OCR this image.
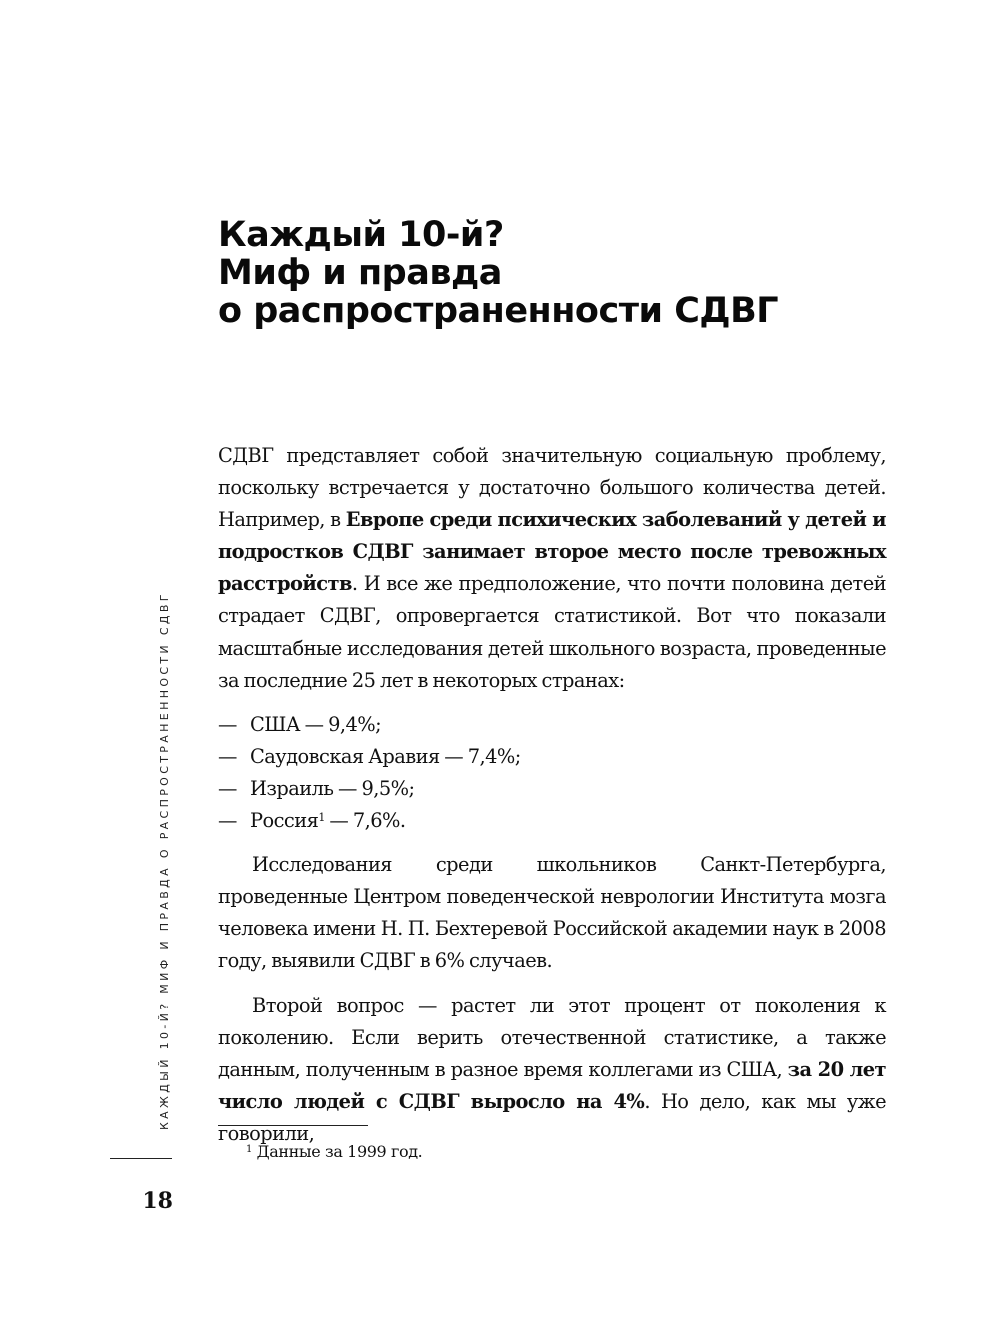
Каждый 10-й?
Миф и правда
о распространенности СДВГ

СДВГ представляет собой значительную социальную проблему, поскольку встречается у достаточно большого количества детей. Например, в Европе среди психических заболеваний у детей и подростков СДВГ занимает второе место после тревожных расстройств. И все же предположение, что почти половина детей страдает СДВГ, опровергается статистикой. Вот что показали масштабные исследования детей школьного возраста, проведенные за последние 25 лет в некоторых странах:

— США — 9,4%;
— Саудовская Аравия — 7,4%;
— Израиль — 9,5%;
— Россия$^1$ — 7,6%.

Исследования среди школьников Санкт-Петербурга, проведенные Центром поведенческой неврологии Института мозга человека имени Н. П. Бехтеревой Российской академии наук в 2008 году, выявили СДВГ в 6% случаев.

Второй вопрос — растет ли этот процент от поколения к поколению. Если верить отечественной статистике, а также данным, полученным в разное время коллегами из США, за 20 лет число людей с СДВГ выросло на 4%. Но дело, как мы уже говорили,

$^1$ Данные за 1999 год.
КАЖДЫЙ 10-Й? МИФ И ПРАВДА О РАСПРОСТРАНЕННОСТИ СДВГ
18
